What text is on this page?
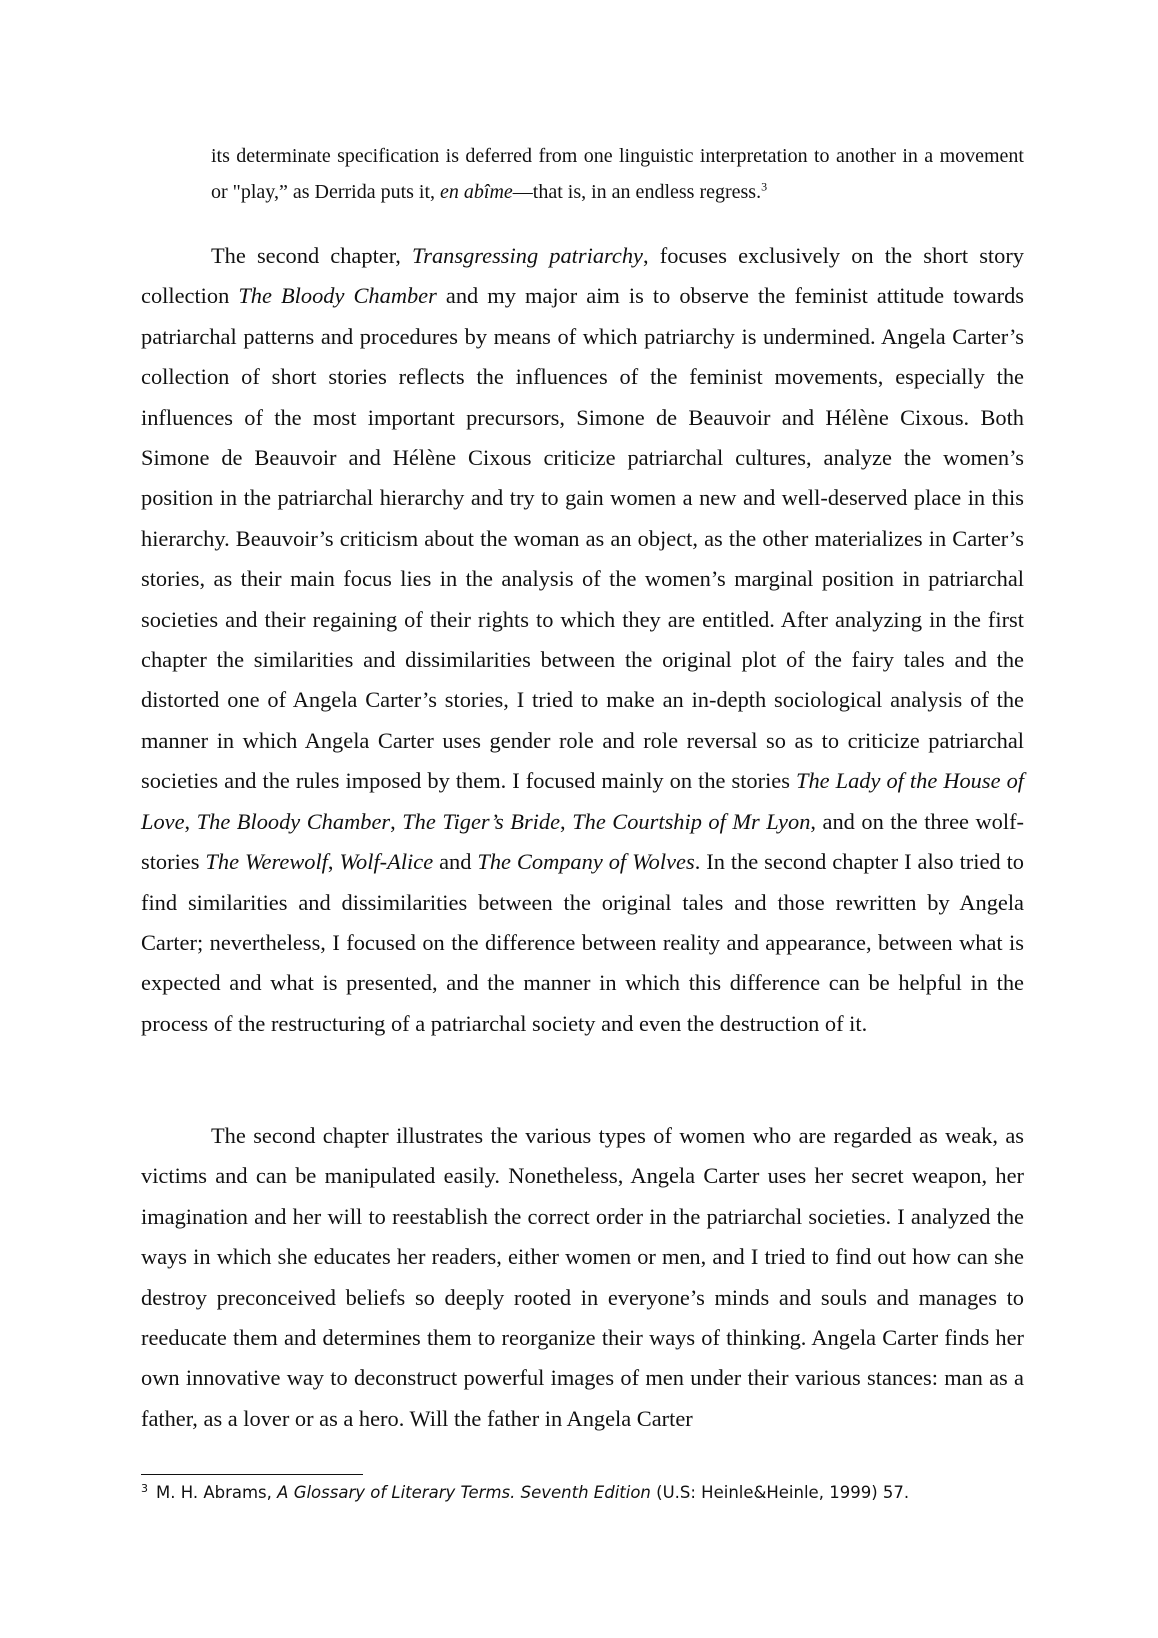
its determinate specification is deferred from one linguistic interpretation to another in a movement or "play,” as Derrida puts it, en abîme—that is, in an endless regress.$^3$

The second chapter, Transgressing patriarchy, focuses exclusively on the short story collection The Bloody Chamber and my major aim is to observe the feminist attitude towards patriarchal patterns and procedures by means of which patriarchy is undermined. Angela Carter’s collection of short stories reflects the influences of the feminist movements, especially the influences of the most important precursors, Simone de Beauvoir and Hélène Cixous. Both Simone de Beauvoir and Hélène Cixous criticize patriarchal cultures, analyze the women’s position in the patriarchal hierarchy and try to gain women a new and well-deserved place in this hierarchy. Beauvoir’s criticism about the woman as an object, as the other materializes in Carter’s stories, as their main focus lies in the analysis of the women’s marginal position in patriarchal societies and their regaining of their rights to which they are entitled. After analyzing in the first chapter the similarities and dissimilarities between the original plot of the fairy tales and the distorted one of Angela Carter’s stories, I tried to make an in-depth sociological analysis of the manner in which Angela Carter uses gender role and role reversal so as to criticize patriarchal societies and the rules imposed by them. I focused mainly on the stories The Lady of the House of Love, The Bloody Chamber, The Tiger’s Bride, The Courtship of Mr Lyon, and on the three wolf-stories The Werewolf, Wolf-Alice and The Company of Wolves. In the second chapter I also tried to find similarities and dissimilarities between the original tales and those rewritten by Angela Carter; nevertheless, I focused on the difference between reality and appearance, between what is expected and what is presented, and the manner in which this difference can be helpful in the process of the restructuring of a patriarchal society and even the destruction of it.

The second chapter illustrates the various types of women who are regarded as weak, as victims and can be manipulated easily. Nonetheless, Angela Carter uses her secret weapon, her imagination and her will to reestablish the correct order in the patriarchal societies. I analyzed the ways in which she educates her readers, either women or men, and I tried to find out how can she destroy preconceived beliefs so deeply rooted in everyone’s minds and souls and manages to reeducate them and determines them to reorganize their ways of thinking. Angela Carter finds her own innovative way to deconstruct powerful images of men under their various stances: man as a father, as a lover or as a hero. Will the father in Angela Carter

$^3$ M. H. Abrams, A Glossary of Literary Terms. Seventh Edition (U.S: Heinle&Heinle, 1999) 57.
